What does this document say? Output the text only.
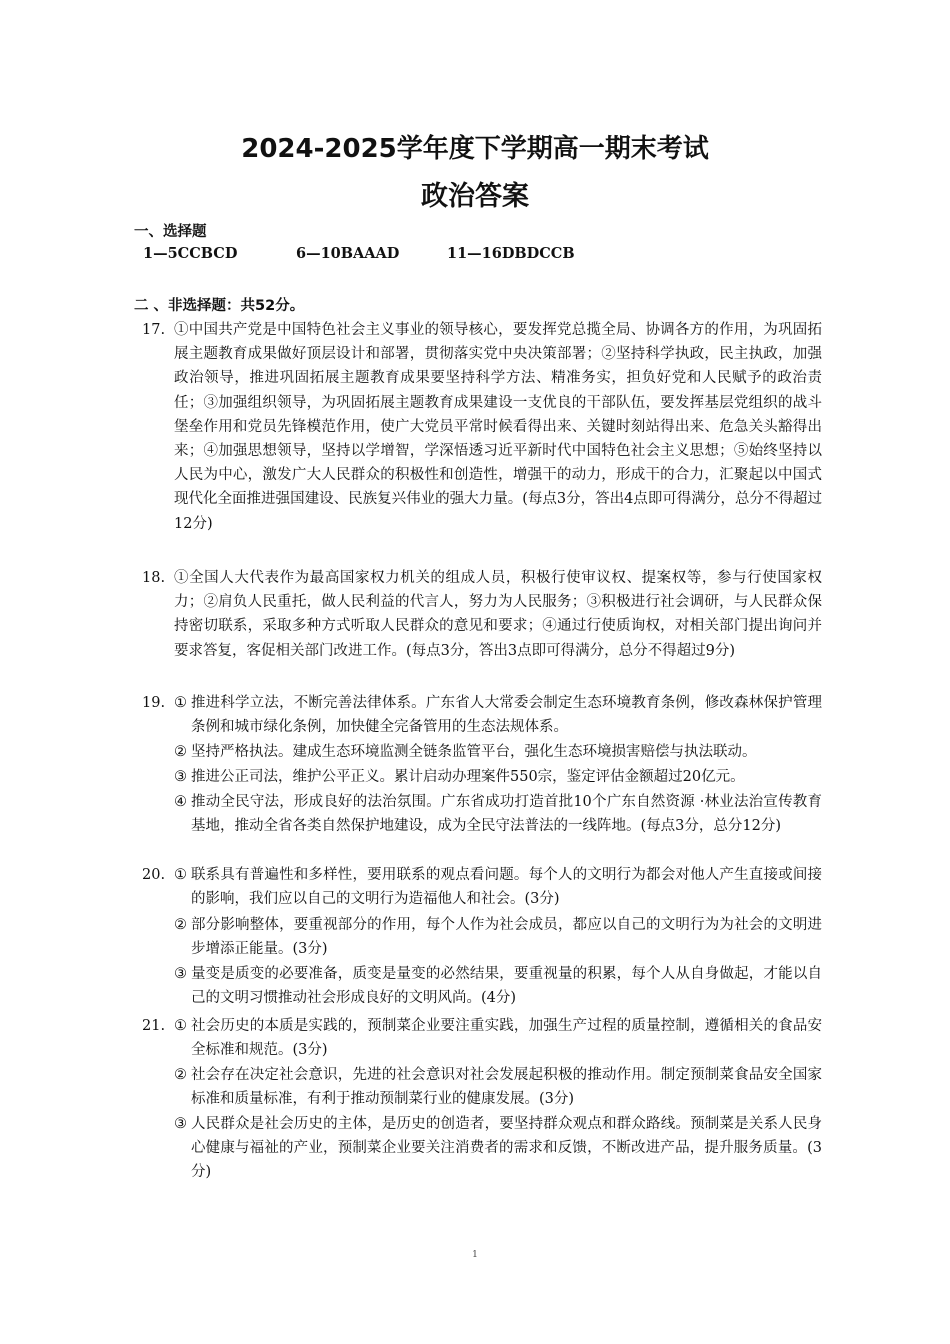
2024-2025学年度下学期高一期末考试
政治答案
一、选择题
1—5CCBCD	6—10BAAAD	11—16DBDCCB
二 、非选择题：共52分。
17. ①中国共产党是中国特色社会主义事业的领导核心，要发挥党总揽全局、协调各方的作用，为巩固拓展主题教育成果做好顶层设计和部署，贯彻落实党中央决策部署；②坚持科学执政，民主执政，加强政治领导，推进巩固拓展主题教育成果要坚持科学方法、精准务实，担负好党和人民赋予的政治责任；③加强组织领导，为巩固拓展主题教育成果建设一支优良的干部队伍，要发挥基层党组织的战斗堡垒作用和党员先锋模范作用，使广大党员平常时候看得出来、关键时刻站得出来、危急关头豁得出来；④加强思想领导，坚持以学增智，学深悟透习近平新时代中国特色社会主义思想；⑤始终坚持以人民为中心，激发广大人民群众的积极性和创造性，增强干的动力，形成干的合力，汇聚起以中国式现代化全面推进强国建设、民族复兴伟业的强大力量。(每点3分，答出4点即可得满分，总分不得超过12分)
18. ①全国人大代表作为最高国家权力机关的组成人员，积极行使审议权、提案权等，参与行使国家权力；②肩负人民重托，做人民利益的代言人，努力为人民服务；③积极进行社会调研，与人民群众保持密切联系，采取多种方式听取人民群众的意见和要求；④通过行使质询权，对相关部门提出询问并要求答复，客促相关部门改进工作。(每点3分，答出3点即可得满分，总分不得超过9分)
19. ① 推进科学立法，不断完善法律体系。广东省人大常委会制定生态环境教育条例，修改森林保护管理条例和城市绿化条例，加快健全完备管用的生态法规体系。
② 坚持严格执法。建成生态环境监测全链条监管平台，强化生态环境损害赔偿与执法联动。
③ 推进公正司法，维护公平正义。累计启动办理案件550宗，鉴定评估金额超过20亿元。
④ 推动全民守法，形成良好的法治氛围。广东省成功打造首批10个广东自然资源 ·林业法治宣传教育基地，推动全省各类自然保护地建设，成为全民守法普法的一线阵地。(每点3分，总分12分)
20. ① 联系具有普遍性和多样性，要用联系的观点看问题。每个人的文明行为都会对他人产生直接或间接的影响，我们应以自己的文明行为造福他人和社会。(3分)
② 部分影响整体，要重视部分的作用，每个人作为社会成员，都应以自己的文明行为为社会的文明进步增添正能量。(3分)
③ 量变是质变的必要准备，质变是量变的必然结果，要重视量的积累，每个人从自身做起，才能以自己的文明习惯推动社会形成良好的文明风尚。(4分)
21. ① 社会历史的本质是实践的，预制菜企业要注重实践，加强生产过程的质量控制，遵循相关的食品安全标准和规范。(3分)
② 社会存在决定社会意识，先进的社会意识对社会发展起积极的推动作用。制定预制菜食品安全国家标准和质量标准，有利于推动预制菜行业的健康发展。(3分)
③ 人民群众是社会历史的主体，是历史的创造者，要坚持群众观点和群众路线。预制菜是关系人民身心健康与福祉的产业，预制菜企业要关注消费者的需求和反馈，不断改进产品，提升服务质量。(3分)
1
